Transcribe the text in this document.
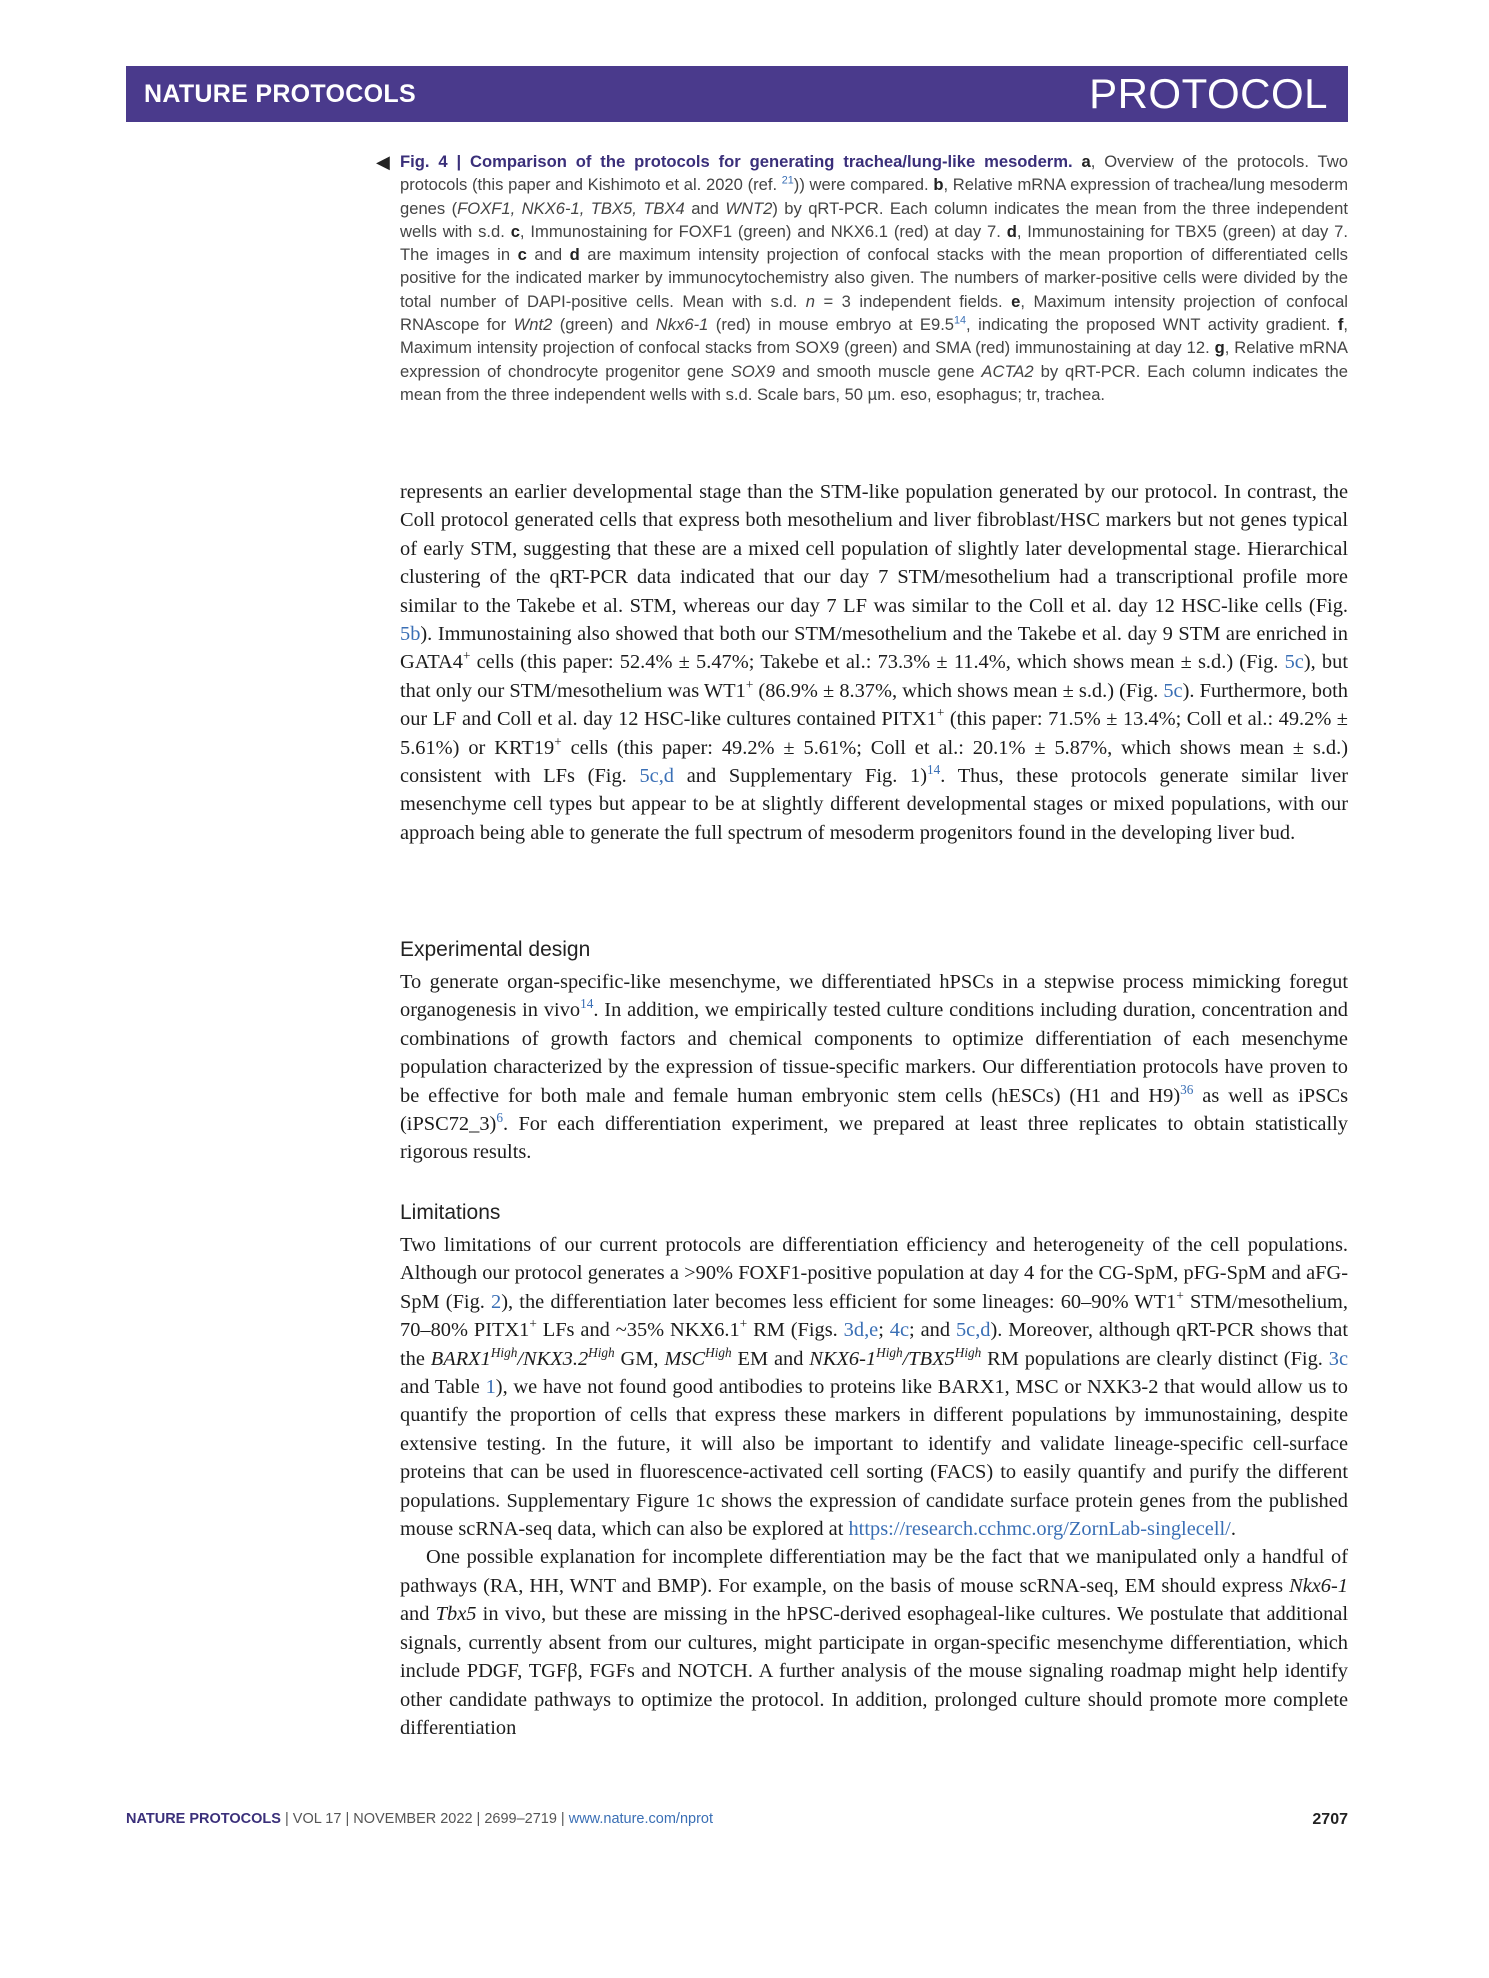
NATURE PROTOCOLS	PROTOCOL
◀ Fig. 4 | Comparison of the protocols for generating trachea/lung-like mesoderm. a, Overview of the protocols. Two protocols (this paper and Kishimoto et al. 2020 (ref. $^{21}$)) were compared. b, Relative mRNA expression of trachea/lung mesoderm genes (FOXF1, NKX6-1, TBX5, TBX4 and WNT2) by qRT-PCR. Each column indicates the mean from the three independent wells with s.d. c, Immunostaining for FOXF1 (green) and NKX6.1 (red) at day 7. d, Immunostaining for TBX5 (green) at day 7. The images in c and d are maximum intensity projection of confocal stacks with the mean proportion of differentiated cells positive for the indicated marker by immunocytochemistry also given. The numbers of marker-positive cells were divided by the total number of DAPI-positive cells. Mean with s.d. n = 3 independent fields. e, Maximum intensity projection of confocal RNAscope for Wnt2 (green) and Nkx6-1 (red) in mouse embryo at E9.5$^{14}$, indicating the proposed WNT activity gradient. f, Maximum intensity projection of confocal stacks from SOX9 (green) and SMA (red) immunostaining at day 12. g, Relative mRNA expression of chondrocyte progenitor gene SOX9 and smooth muscle gene ACTA2 by qRT-PCR. Each column indicates the mean from the three independent wells with s.d. Scale bars, 50 µm. eso, esophagus; tr, trachea.

represents an earlier developmental stage than the STM-like population generated by our protocol. In contrast, the Coll protocol generated cells that express both mesothelium and liver fibroblast/HSC markers but not genes typical of early STM, suggesting that these are a mixed cell population of slightly later developmental stage. Hierarchical clustering of the qRT-PCR data indicated that our day 7 STM/mesothelium had a transcriptional profile more similar to the Takebe et al. STM, whereas our day 7 LF was similar to the Coll et al. day 12 HSC-like cells (Fig. 5b). Immunostaining also showed that both our STM/mesothelium and the Takebe et al. day 9 STM are enriched in GATA4+ cells (this paper: 52.4% ± 5.47%; Takebe et al.: 73.3% ± 11.4%, which shows mean ± s.d.) (Fig. 5c), but that only our STM/mesothelium was WT1+ (86.9% ± 8.37%, which shows mean ± s.d.) (Fig. 5c). Furthermore, both our LF and Coll et al. day 12 HSC-like cultures contained PITX1+ (this paper: 71.5% ± 13.4%; Coll et al.: 49.2% ± 5.61%) or KRT19+ cells (this paper: 49.2% ± 5.61%; Coll et al.: 20.1% ± 5.87%, which shows mean ± s.d.) consistent with LFs (Fig. 5c,d and Supplementary Fig. 1)$^{14}$. Thus, these protocols generate similar liver mesenchyme cell types but appear to be at slightly different developmental stages or mixed populations, with our approach being able to generate the full spectrum of mesoderm progenitors found in the developing liver bud.

Experimental design

To generate organ-specific-like mesenchyme, we differentiated hPSCs in a stepwise process mimicking foregut organogenesis in vivo$^{14}$. In addition, we empirically tested culture conditions including duration, concentration and combinations of growth factors and chemical components to optimize differentiation of each mesenchyme population characterized by the expression of tissue-specific markers. Our differentiation protocols have proven to be effective for both male and female human embryonic stem cells (hESCs) (H1 and H9)$^{36}$ as well as iPSCs (iPSC72_3)$^6$. For each differentiation experiment, we prepared at least three replicates to obtain statistically rigorous results.

Limitations

Two limitations of our current protocols are differentiation efficiency and heterogeneity of the cell populations. Although our protocol generates a >90% FOXF1-positive population at day 4 for the CG-SpM, pFG-SpM and aFG-SpM (Fig. 2), the differentiation later becomes less efficient for some lineages: 60–90% WT1+ STM/mesothelium, 70–80% PITX1+ LFs and ~35% NKX6.1+ RM (Figs. 3d,e; 4c; and 5c,d). Moreover, although qRT-PCR shows that the $BARX1^{High}/NKX3.2^{High}$ GM, $MSC^{High}$ EM and $NKX6-1^{High}/TBX5^{High}$ RM populations are clearly distinct (Fig. 3c and Table 1), we have not found good antibodies to proteins like BARX1, MSC or NXK3-2 that would allow us to quantify the proportion of cells that express these markers in different populations by immunostaining, despite extensive testing. In the future, it will also be important to identify and validate lineage-specific cell-surface proteins that can be used in fluorescence-activated cell sorting (FACS) to easily quantify and purify the different populations. Supplementary Figure 1c shows the expression of candidate surface protein genes from the published mouse scRNA-seq data, which can also be explored at https://research.cchmc.org/ZornLab-singlecell/.

One possible explanation for incomplete differentiation may be the fact that we manipulated only a handful of pathways (RA, HH, WNT and BMP). For example, on the basis of mouse scRNA-seq, EM should express Nkx6-1 and Tbx5 in vivo, but these are missing in the hPSC-derived esophageal-like cultures. We postulate that additional signals, currently absent from our cultures, might participate in organ-specific mesenchyme differentiation, which include PDGF, TGFβ, FGFs and NOTCH. A further analysis of the mouse signaling roadmap might help identify other candidate pathways to optimize the protocol. In addition, prolonged culture should promote more complete differentiation

NATURE PROTOCOLS | VOL 17 | NOVEMBER 2022 | 2699–2719 | www.nature.com/nprot	2707
